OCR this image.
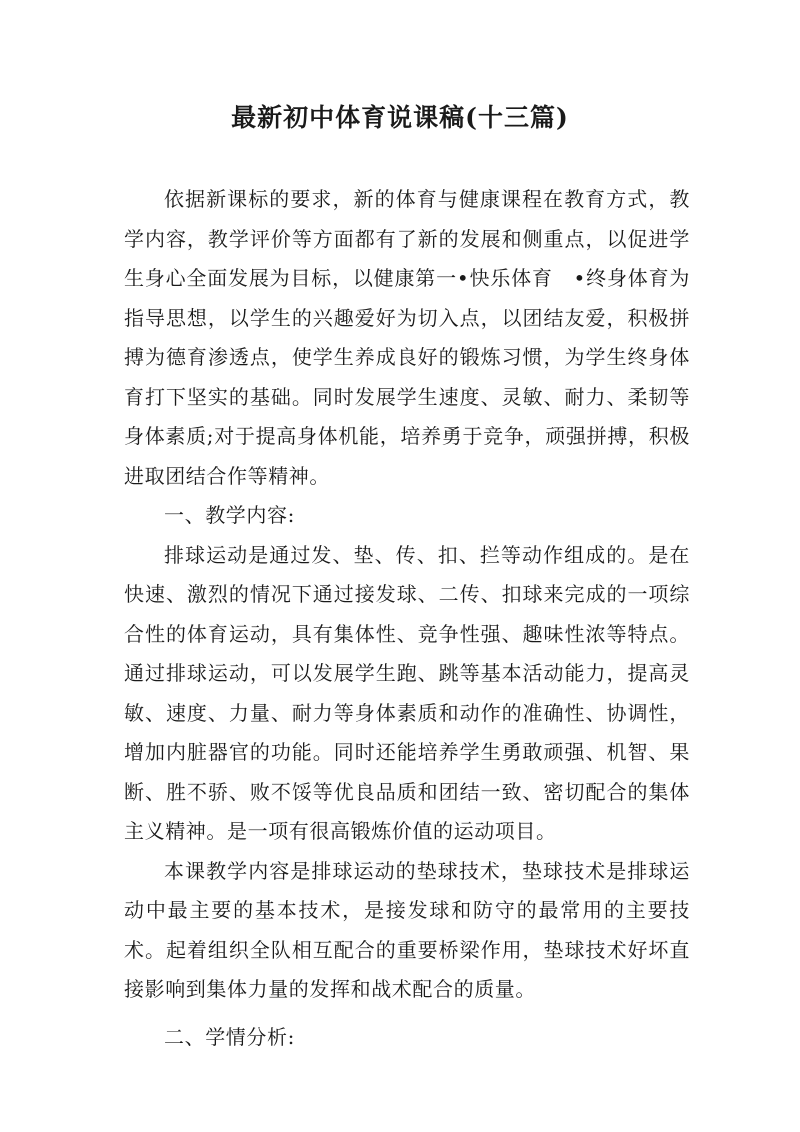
最新初中体育说课稿(十三篇)

依据新课标的要求，新的体育与健康课程在教育方式，教学内容，教学评价等方面都有了新的发展和侧重点，以促进学生身心全面发展为目标，以健康第一•快乐体育　•终身体育为指导思想，以学生的兴趣爱好为切入点，以团结友爱，积极拼搏为德育渗透点，使学生养成良好的锻炼习惯，为学生终身体育打下坚实的基础。同时发展学生速度、灵敏、耐力、柔韧等身体素质;对于提高身体机能，培养勇于竞争，顽强拼搏，积极进取团结合作等精神。

一、教学内容:

排球运动是通过发、垫、传、扣、拦等动作组成的。是在快速、激烈的情况下通过接发球、二传、扣球来完成的一项综合性的体育运动，具有集体性、竞争性强、趣味性浓等特点。通过排球运动，可以发展学生跑、跳等基本活动能力，提高灵敏、速度、力量、耐力等身体素质和动作的准确性、协调性，增加内脏器官的功能。同时还能培养学生勇敢顽强、机智、果断、胜不骄、败不馁等优良品质和团结一致、密切配合的集体主义精神。是一项有很高锻炼价值的运动项目。

本课教学内容是排球运动的垫球技术，垫球技术是排球运动中最主要的基本技术，是接发球和防守的最常用的主要技术。起着组织全队相互配合的重要桥梁作用，垫球技术好坏直接影响到集体力量的发挥和战术配合的质量。

二、学情分析:
